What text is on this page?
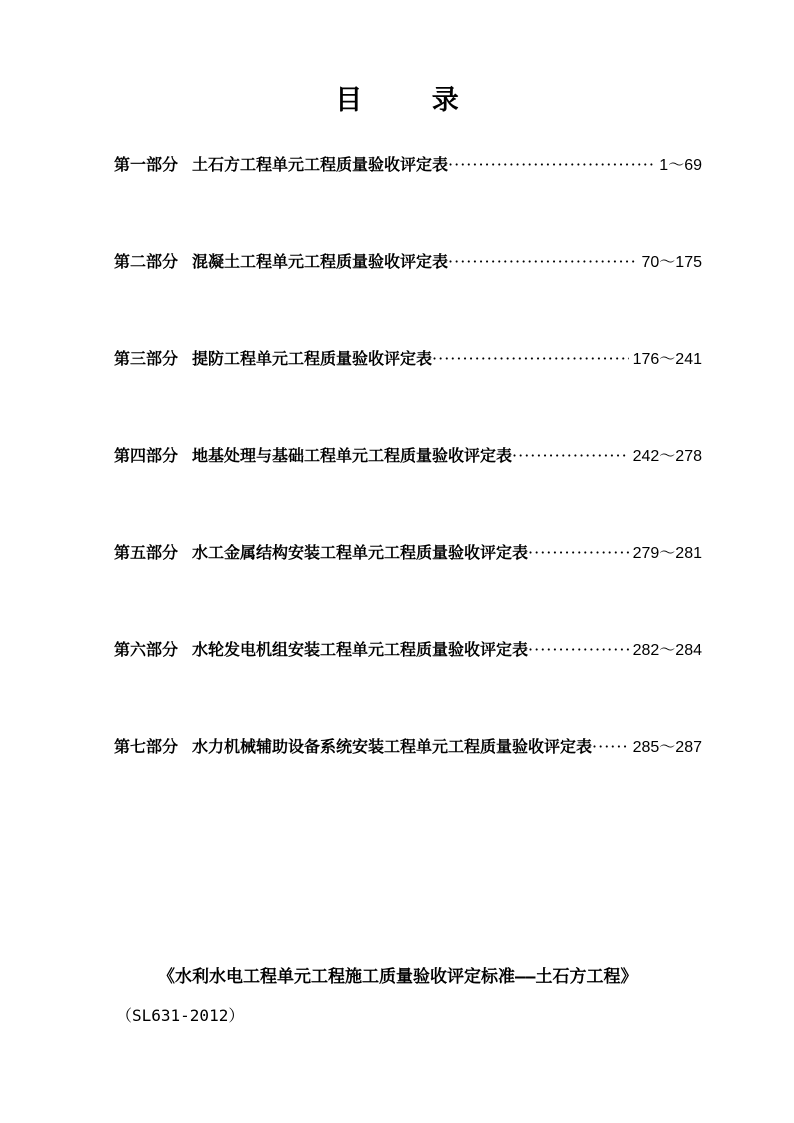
目 录
第一部分 土石方工程单元工程质量验收评定表 ·····	1～69
第二部分 混凝土工程单元工程质量验收评定表 ·····	70～175
第三部分 提防工程单元工程质量验收评定表 ·····	176～241
第四部分 地基处理与基础工程单元工程质量验收评定表 ·····	242～278
第五部分 水工金属结构安装工程单元工程质量验收评定表 ·····	279～281
第六部分 水轮发电机组安装工程单元工程质量验收评定表 ·····	282～284
第七部分 水力机械辅助设备系统安装工程单元工程质量验收评定表 ·····	285～287
《水利水电工程单元工程施工质量验收评定标准——土石方工程》
（SL631-2012）
